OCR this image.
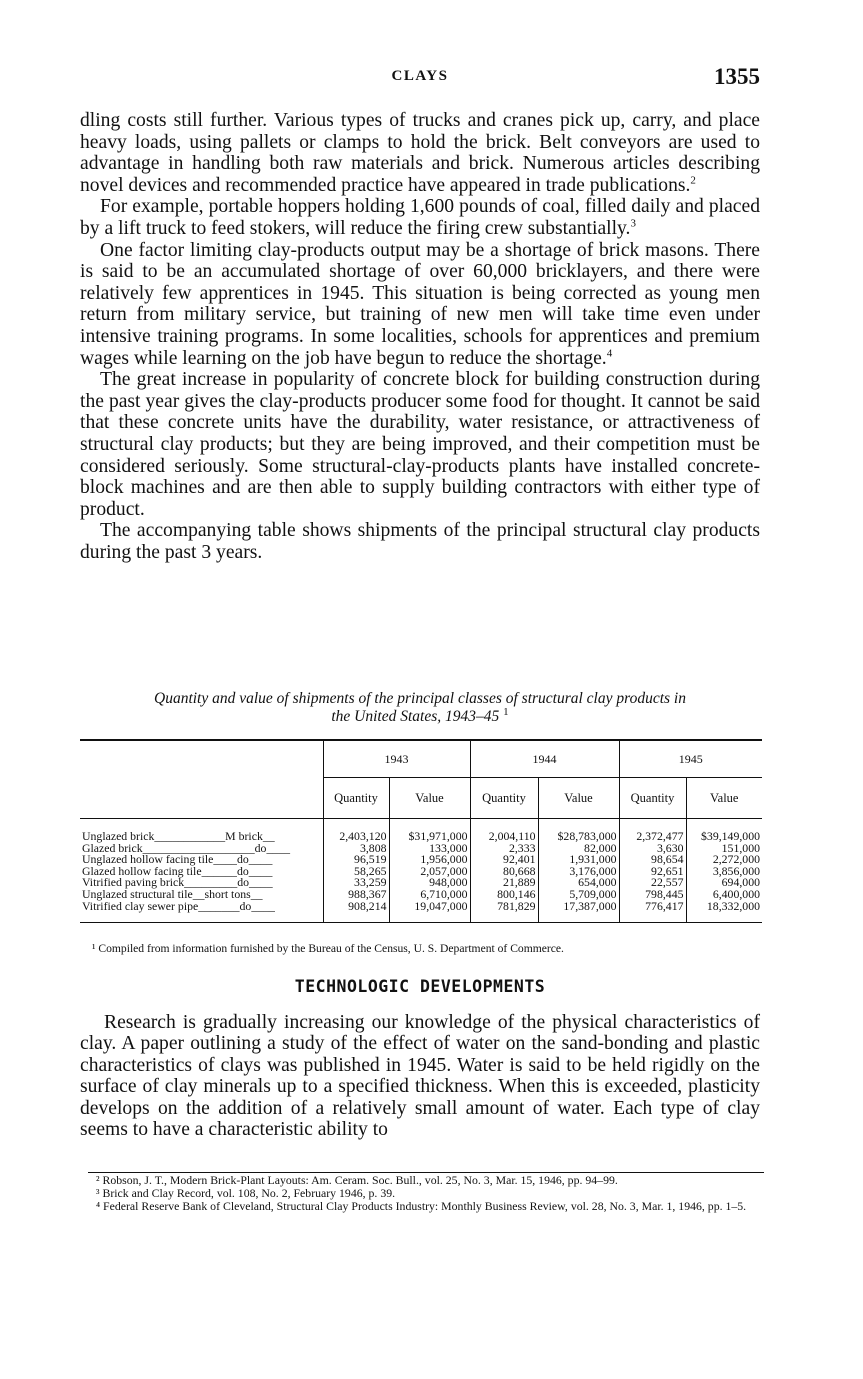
CLAYS	1355

dling costs still further. Various types of trucks and cranes pick up, carry, and place heavy loads, using pallets or clamps to hold the brick. Belt conveyors are used to advantage in handling both raw materials and brick. Numerous articles describing novel devices and recommended practice have appeared in trade publications.$^2$

For example, portable hoppers holding 1,600 pounds of coal, filled daily and placed by a lift truck to feed stokers, will reduce the firing crew substantially.$^3$

One factor limiting clay-products output may be a shortage of brick masons. There is said to be an accumulated shortage of over 60,000 bricklayers, and there were relatively few apprentices in 1945. This situation is being corrected as young men return from military service, but training of new men will take time even under intensive training programs. In some localities, schools for apprentices and premium wages while learning on the job have begun to reduce the shortage.$^4$

The great increase in popularity of concrete block for building construction during the past year gives the clay-products producer some food for thought. It cannot be said that these concrete units have the durability, water resistance, or attractiveness of structural clay products; but they are being improved, and their competition must be considered seriously. Some structural-clay-products plants have installed concrete-block machines and are then able to supply building contractors with either type of product.

The accompanying table shows shipments of the principal structural clay products during the past 3 years.

Quantity and value of shipments of the principal classes of structural clay products in
the United States, 1943–45 $^1$
	1943		1944		1945	
	Quantity	Value	Quantity	Value	Quantity	Value

Unglazed brick____________M brick__	2,403,120	$31,971,000	2,004,110	$28,783,000	2,372,477	$39,149,000
Glazed brick___________________do____	3,808	133,000	2,333	82,000	3,630	151,000
Unglazed hollow facing tile____do____	96,519	1,956,000	92,401	1,931,000	98,654	2,272,000
Glazed hollow facing tile______do____	58,265	2,057,000	80,668	3,176,000	92,651	3,856,000
Vitrified paving brick_________do____	33,259	948,000	21,889	654,000	22,557	694,000
Unglazed structural tile__short tons__	988,367	6,710,000	800,146	5,709,000	798,445	6,400,000
Vitrified clay sewer pipe_______do____	908,214	19,047,000	781,829	17,387,000	776,417	18,332,000

¹ Compiled from information furnished by the Bureau of the Census, U. S. Department of Commerce.
TECHNOLOGIC DEVELOPMENTS

Research is gradually increasing our knowledge of the physical characteristics of clay. A paper outlining a study of the effect of water on the sand-bonding and plastic characteristics of clays was published in 1945. Water is said to be held rigidly on the surface of clay minerals up to a specified thickness. When this is exceeded, plasticity develops on the addition of a relatively small amount of water. Each type of clay seems to have a characteristic ability to

² Robson, J. T., Modern Brick-Plant Layouts: Am. Ceram. Soc. Bull., vol. 25, No. 3, Mar. 15, 1946, pp. 94–99.
³ Brick and Clay Record, vol. 108, No. 2, February 1946, p. 39.
⁴ Federal Reserve Bank of Cleveland, Structural Clay Products Industry: Monthly Business Review, vol. 28, No. 3, Mar. 1, 1946, pp. 1–5.
